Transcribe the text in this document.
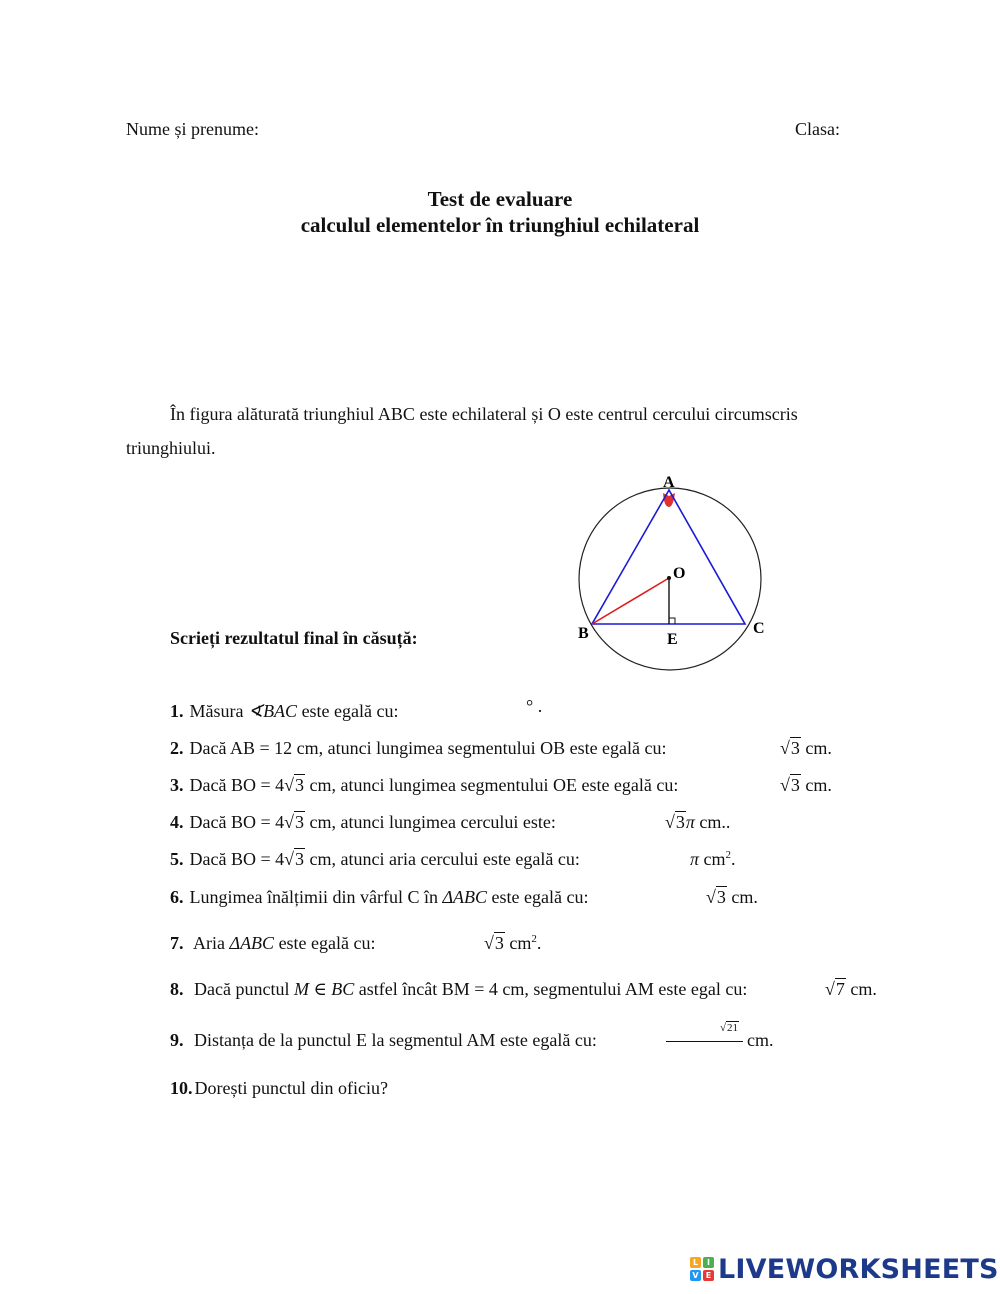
Nume și prenume:	Clasa:
Test de evaluare
calculul elementelor în triunghiul echilateral
În figura alăturată triunghiul ABC este echilateral și O este centrul cercului circumscris
triunghiului.
A
O
B	C
E
Scrieți rezultatul final în căsuță:
1. Măsura ∢BAC este egală cu:	° .
2. Dacă AB = 12 cm, atunci lungimea segmentului OB este egală cu:	√3 cm.
3. Dacă BO = 4√3 cm, atunci lungimea segmentului OE este egală cu:	√3 cm.
4. Dacă BO = 4√3 cm, atunci lungimea cercului este:	√3π cm..
5. Dacă BO = 4√3 cm, atunci aria cercului este egală cu:	π $cm^2$.
6. Lungimea înălțimii din vârful C în ΔABC este egală cu:	√3 cm.
7. Aria ΔABC este egală cu:	√3 $cm^2$.
8. Dacă punctul M ∈ BC astfel încât BM = 4 cm, segmentului AM este egal cu:	√7 cm.
9. Distanța de la punctul E la segmentul AM este egală cu:
√21
cm.
10. Dorești punctul din oficiu?
L	I
V E LIVEWORKSHEETS
